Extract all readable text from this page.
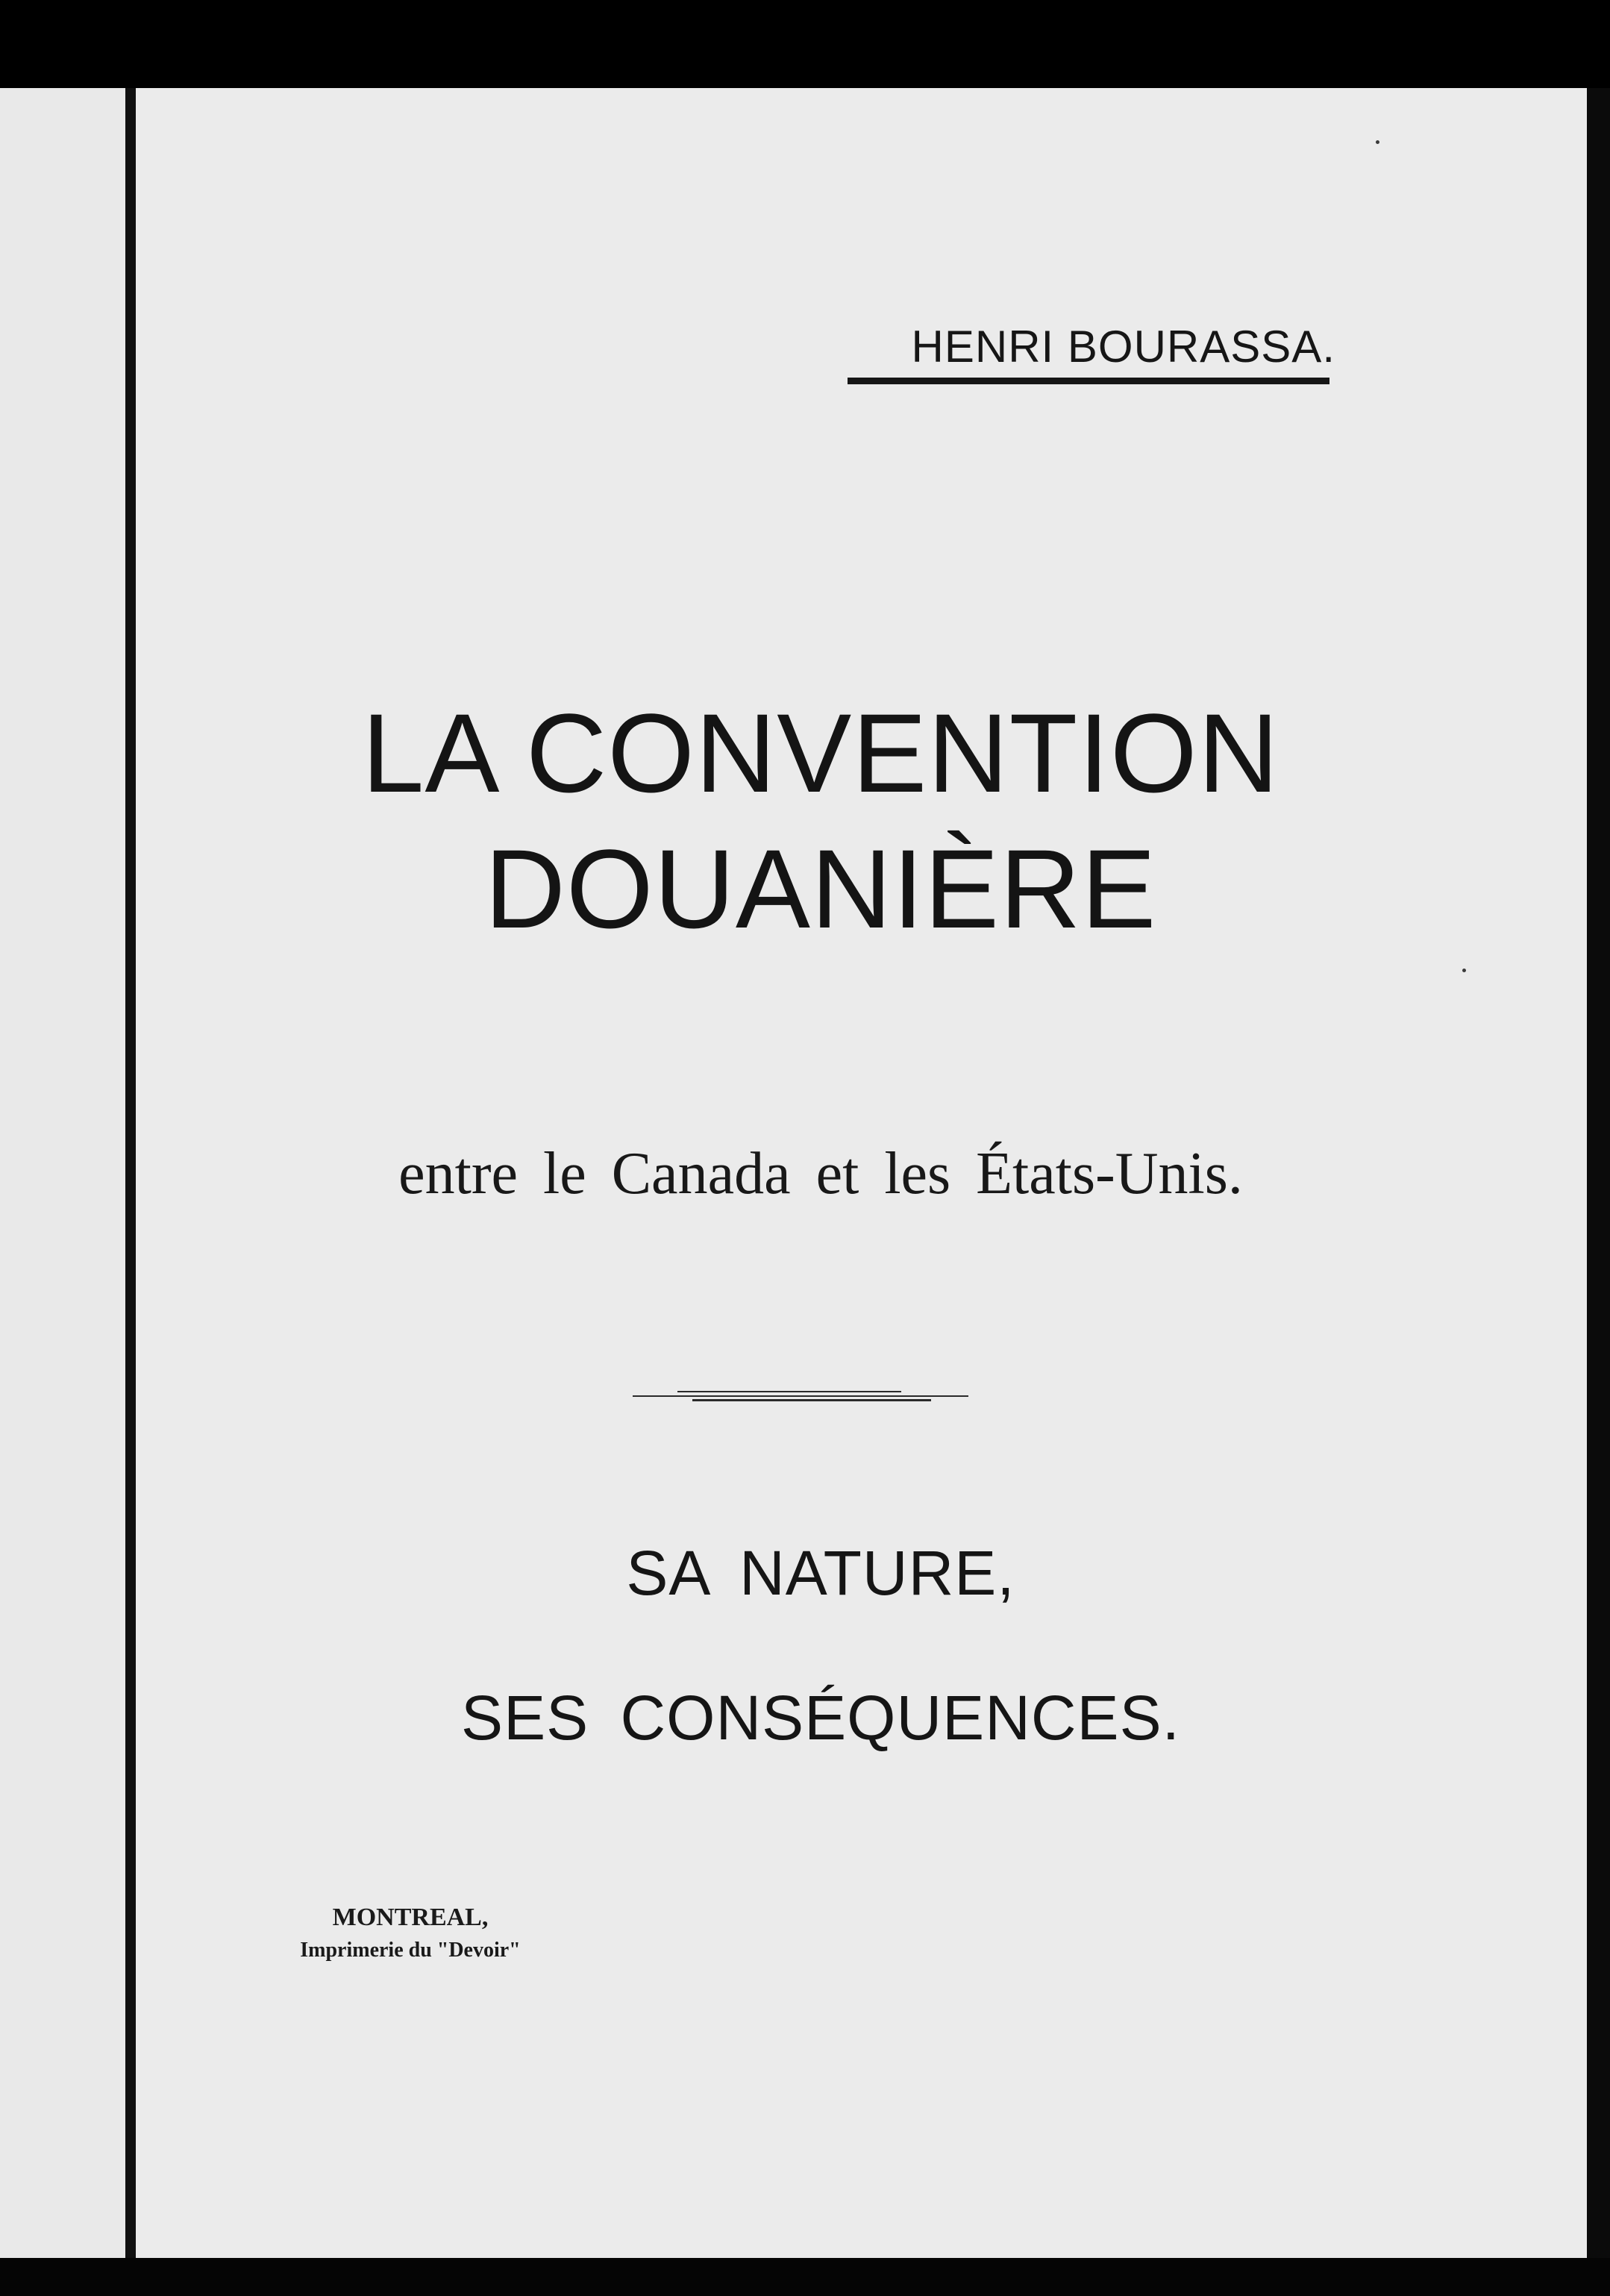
HENRI BOURASSA.
LA CONVENTION
DOUANIÈRE
entre le Canada et les États-Unis.
SA NATURE,
SES CONSÉQUENCES.
MONTREAL,
Imprimerie du "Devoir"
